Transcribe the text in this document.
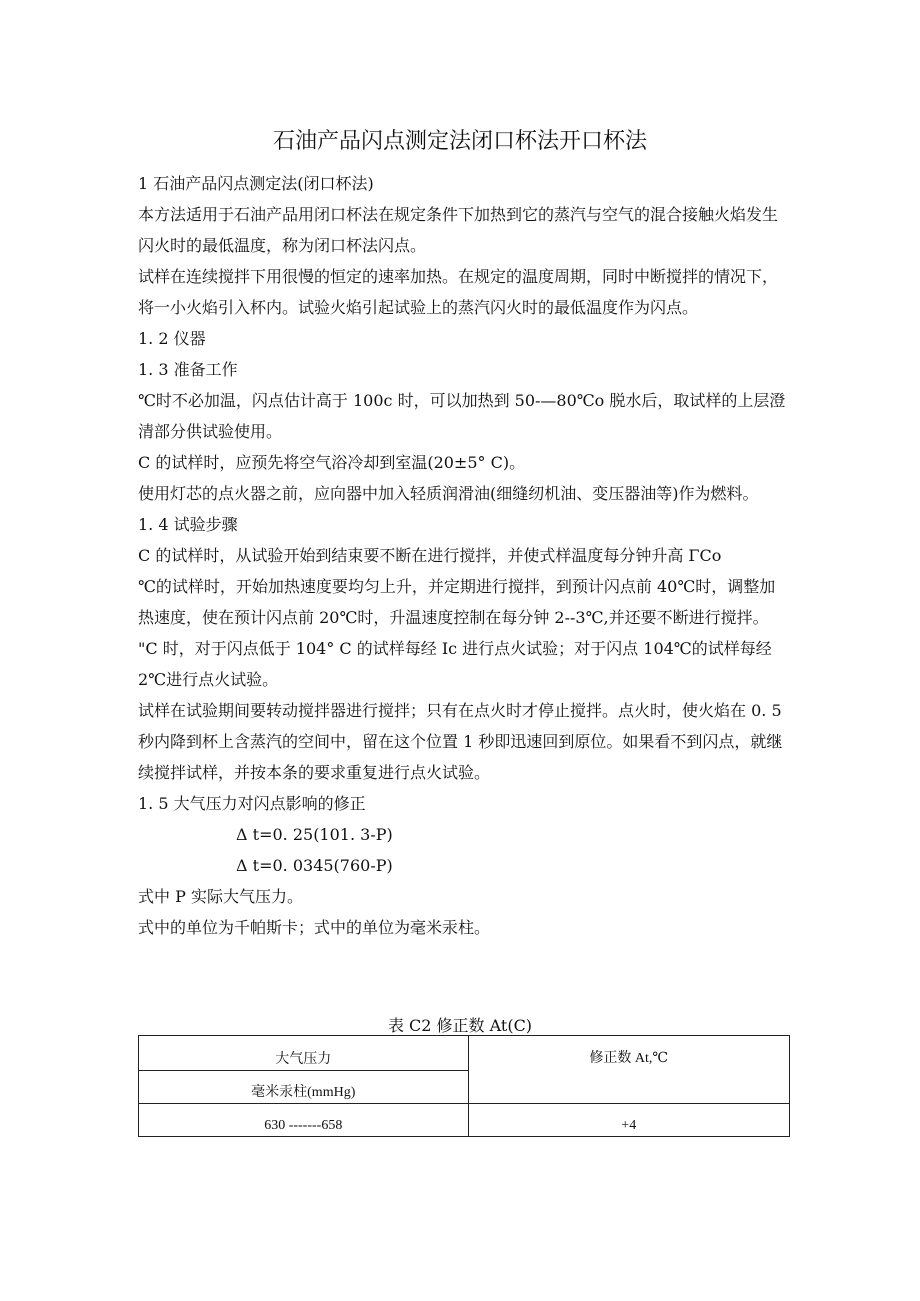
石油产品闪点测定法闭口杯法开口杯法

1 石油产品闪点测定法(闭口杯法)

本方法适用于石油产品用闭口杯法在规定条件下加热到它的蒸汽与空气的混合接触火焰发生闪火时的最低温度，称为闭口杯法闪点。

试样在连续搅拌下用很慢的恒定的速率加热。在规定的温度周期，同时中断搅拌的情况下，将一小火焰引入杯内。试验火焰引起试验上的蒸汽闪火时的最低温度作为闪点。

1. 2 仪器

1. 3 准备工作

℃时不必加温，闪点估计高于 100c 时，可以加热到 50-—80℃o 脱水后，取试样的上层澄清部分供试验使用。

C 的试样时，应预先将空气浴冷却到室温(20±5° C)。

使用灯芯的点火器之前，应向器中加入轻质润滑油(细缝纫机油、变压器油等)作为燃料。

1. 4 试验步骤

C 的试样时，从试验开始到结束要不断在进行搅拌，并使式样温度每分钟升高 ΓCo

℃的试样时，开始加热速度要均匀上升，并定期进行搅拌，到预计闪点前 40℃时，调整加热速度，使在预计闪点前 20℃时，升温速度控制在每分钟 2--3℃,并还要不断进行搅拌。

"C 时，对于闪点低于 104° C 的试样每经 Ic 进行点火试验；对于闪点 104℃的试样每经 2℃进行点火试验。

试样在试验期间要转动搅拌器进行搅拌；只有在点火时才停止搅拌。点火时，使火焰在 0. 5 秒内降到杯上含蒸汽的空间中，留在这个位置 1 秒即迅速回到原位。如果看不到闪点，就继续搅拌试样，并按本条的要求重复进行点火试验。

1. 5 大气压力对闪点影响的修正

Δ t=0. 25(101. 3-P)

Δ t=0. 0345(760-P)

式中 P 实际大气压力。

式中的单位为千帕斯卡；式中的单位为毫米汞柱。

表 C2 修正数 At(C)
大气压力	修正数 At,℃
毫米汞柱(mmHg)	
630 -------658	+4
